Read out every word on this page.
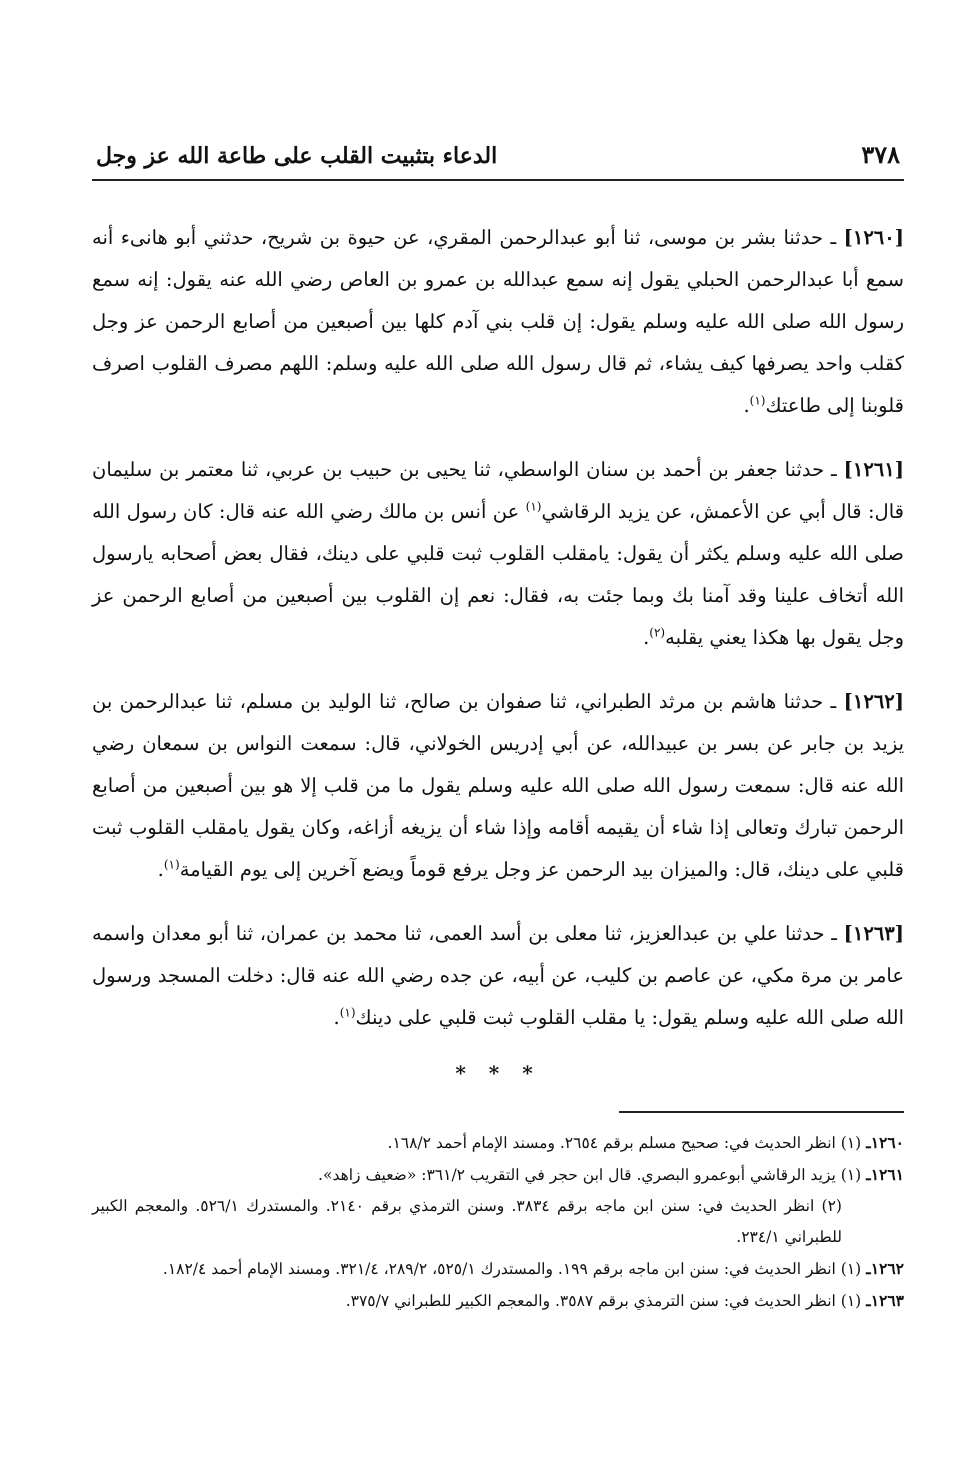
٣٧٨
الدعاء بتثبيت القلب على طاعة الله عز وجل

[١٢٦٠] ـ حدثنا بشر بن موسى، ثنا أبو عبدالرحمن المقري، عن حيوة بن شريح، حدثني أبو هانىء أنه سمع أبا عبدالرحمن الحبلي يقول إنه سمع عبدالله بن عمرو بن العاص رضي الله عنه يقول: إنه سمع رسول الله صلى الله عليه وسلم يقول: إن قلب بني آدم كلها بين أصبعين من أصابع الرحمن عز وجل كقلب واحد يصرفها كيف يشاء، ثم قال رسول الله صلى الله عليه وسلم: اللهم مصرف القلوب اصرف قلوبنا إلى طاعتك$^{(١)}$.

[١٢٦١] ـ حدثنا جعفر بن أحمد بن سنان الواسطي، ثنا يحيى بن حبيب بن عربي، ثنا معتمر بن سليمان قال: قال أبي عن الأعمش، عن يزيد الرقاشي$^{(١)}$ عن أنس بن مالك رضي الله عنه قال: كان رسول الله صلى الله عليه وسلم يكثر أن يقول: يامقلب القلوب ثبت قلبي على دينك، فقال بعض أصحابه يارسول الله أتخاف علينا وقد آمنا بك وبما جئت به، فقال: نعم إن القلوب بين أصبعين من أصابع الرحمن عز وجل يقول بها هكذا يعني يقلبه$^{(٢)}$.

[١٢٦٢] ـ حدثنا هاشم بن مرثد الطبراني، ثنا صفوان بن صالح، ثنا الوليد بن مسلم، ثنا عبدالرحمن بن يزيد بن جابر عن بسر بن عبيدالله، عن أبي إدريس الخولاني، قال: سمعت النواس بن سمعان رضي الله عنه قال: سمعت رسول الله صلى الله عليه وسلم يقول ما من قلب إلا هو بين أصبعين من أصابع الرحمن تبارك وتعالى إذا شاء أن يقيمه أقامه وإذا شاء أن يزيغه أزاغه، وكان يقول يامقلب القلوب ثبت قلبي على دينك، قال: والميزان بيد الرحمن عز وجل يرفع قوماً ويضع آخرين إلى يوم القيامة$^{(١)}$.

[١٢٦٣] ـ حدثنا علي بن عبدالعزيز، ثنا معلى بن أسد العمى، ثنا محمد بن عمران، ثنا أبو معدان واسمه عامر بن مرة مكي، عن عاصم بن كليب، عن أبيه، عن جده رضي الله عنه قال: دخلت المسجد ورسول الله صلى الله عليه وسلم يقول: يا مقلب القلوب ثبت قلبي على دينك$^{(١)}$.

* * *

١٢٦٠ـ (١) انظر الحديث في: صحيح مسلم برقم ٢٦٥٤. ومسند الإمام أحمد ١٦٨/٢.

١٢٦١ـ (١) يزيد الرقاشي أبوعمرو البصري. قال ابن حجر في التقريب ٣٦١/٢: «ضعيف زاهد».

(٢) انظر الحديث في: سنن ابن ماجه برقم ٣٨٣٤. وسنن الترمذي برقم ٢١٤٠. والمستدرك ٥٢٦/١. والمعجم الكبير للطبراني ٢٣٤/١.

١٢٦٢ـ (١) انظر الحديث في: سنن ابن ماجه برقم ١٩٩. والمستدرك ٥٢٥/١، ٢٨٩/٢، ٣٢١/٤. ومسند الإمام أحمد ١٨٢/٤.

١٢٦٣ـ (١) انظر الحديث في: سنن الترمذي برقم ٣٥٨٧. والمعجم الكبير للطبراني ٣٧٥/٧.
